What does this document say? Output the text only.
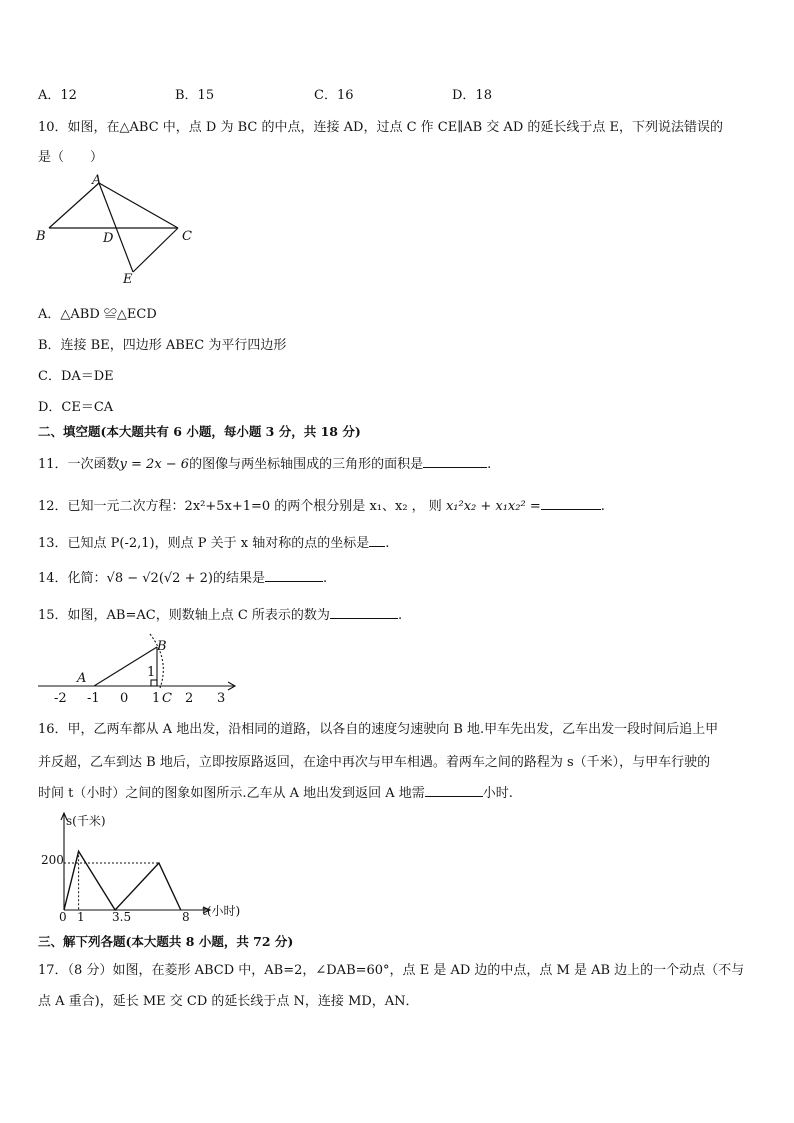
A．12	B．15	C．16	D．18
10．如图，在△ABC 中，点 D 为 BC 的中点，连接 AD，过点 C 作 CE∥AB 交 AD 的延长线于点 E，下列说法错误的
是（　　）
A
B	C
D
E
A．△ABD ≌△ECD
B．连接 BE，四边形 ABEC 为平行四边形
C．DA＝DE
D．CE＝CA
二、填空题(本大题共有 6 小题，每小题 3 分，共 18 分)
11．一次函数y = 2x − 6的图像与两坐标轴围成的三角形的面积是	.
12．已知一元二次方程：2x²+5x+1=0 的两个根分别是 x₁、x₂ ， 则 x₁²x₂ + x₁x₂² =	.
13．已知点 P(-2,1)，则点 P 关于 x 轴对称的点的坐标是 .
14．化简：√8 − √2(√2 + 2)的结果是	.
15．如图，AB=AC，则数轴上点 C 所表示的数为	.
-2 -1 0 1 2 3
1
A
B
C
16．甲，乙两车都从 A 地出发，沿相同的道路，以各自的速度匀速驶向 B 地.甲车先出发，乙车出发一段时间后追上甲
并反超，乙车到达 B 地后，立即按原路返回，在途中再次与甲车相遇。着两车之间的路程为 s（千米），与甲车行驶的
时间 t（小时）之间的图象如图所示.乙车从 A 地出发到返回 A 地需	小时.
s(千米)
t(小时)
0
200
1 3.5	8
三、解下列各题(本大题共 8 小题，共 72 分)
17．（8 分）如图，在菱形 ABCD 中，AB=2，∠DAB=60°，点 E 是 AD 边的中点，点 M 是 AB 边上的一个动点（不与
点 A 重合)，延长 ME 交 CD 的延长线于点 N，连接 MD，AN．
